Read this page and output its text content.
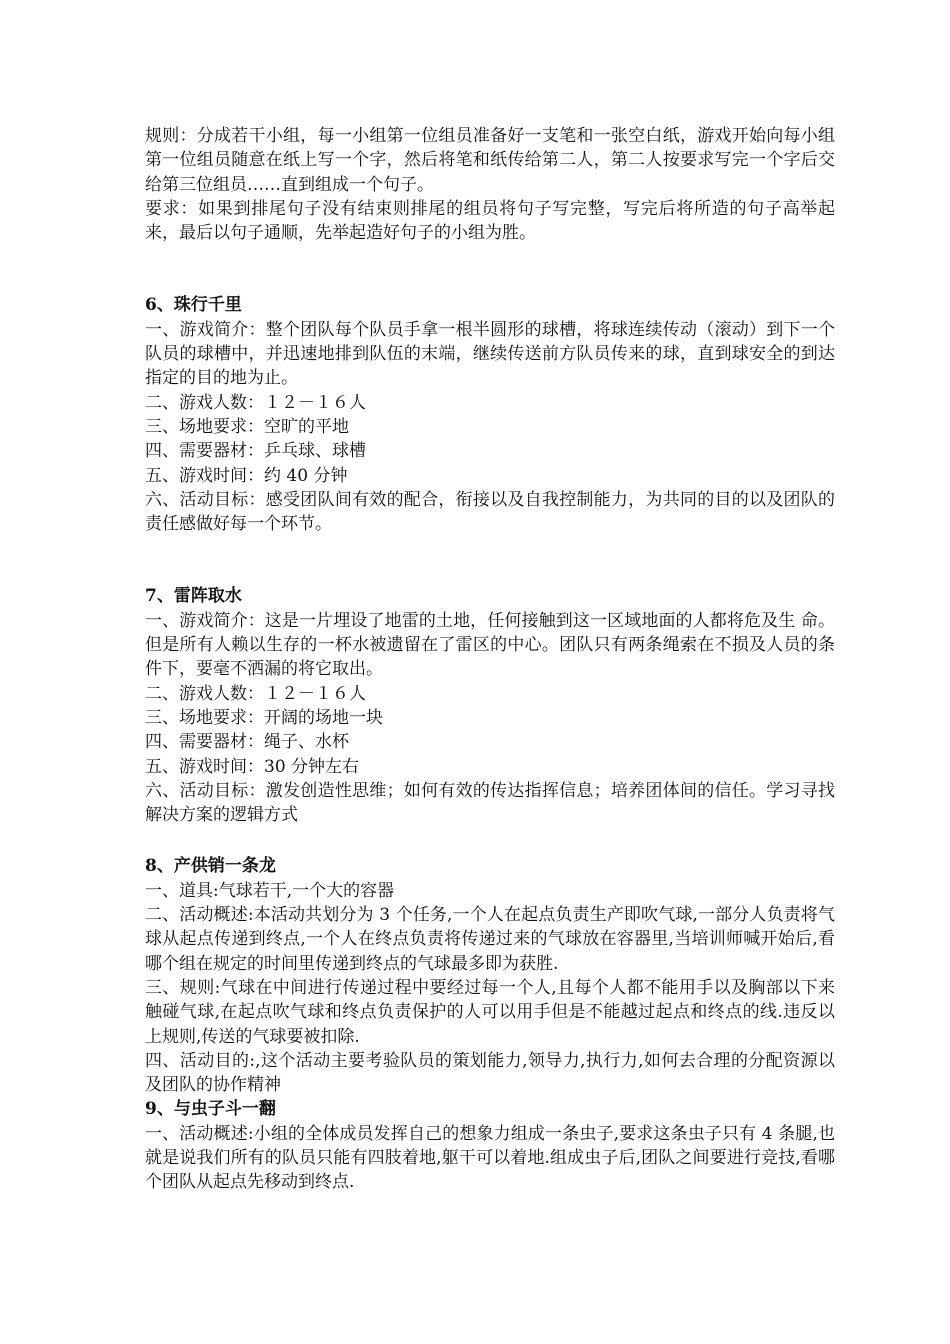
规则：分成若干小组，每一小组第一位组员准备好一支笔和一张空白纸，游戏开始向每小组第一位组员随意在纸上写一个字，然后将笔和纸传给第二人，第二人按要求写完一个字后交给第三位组员……直到组成一个句子。

要求：如果到排尾句子没有结束则排尾的组员将句子写完整，写完后将所造的句子高举起来，最后以句子通顺，先举起造好句子的小组为胜。

6、珠行千里

一、游戏简介：整个团队每个队员手拿一根半圆形的球槽，将球连续传动（滚动）到下一个队员的球槽中，并迅速地排到队伍的末端，继续传送前方队员传来的球，直到球安全的到达指定的目的地为止。

二、游戏人数：１２－１６人

三、场地要求：空旷的平地

四、需要器材：乒乓球、球槽

五、游戏时间：约 40 分钟

六、活动目标：感受团队间有效的配合，衔接以及自我控制能力，为共同的目的以及团队的责任感做好每一个环节。

7、雷阵取水

一、游戏简介：这是一片埋设了地雷的土地，任何接触到这一区域地面的人都将危及生 命。但是所有人赖以生存的一杯水被遗留在了雷区的中心。团队只有两条绳索在不损及人员的条件下，要毫不洒漏的将它取出。

二、游戏人数：１２－１６人

三、场地要求：开阔的场地一块

四、需要器材：绳子、水杯

五、游戏时间：30 分钟左右

六、活动目标：激发创造性思维；如何有效的传达指挥信息；培养团体间的信任。学习寻找解决方案的逻辑方式

8、产供销一条龙

一、道具:气球若干,一个大的容器

二、活动概述:本活动共划分为 3 个任务,一个人在起点负责生产即吹气球,一部分人负责将气球从起点传递到终点,一个人在终点负责将传递过来的气球放在容器里,当培训师喊开始后,看哪个组在规定的时间里传递到终点的气球最多即为获胜.

三、规则:气球在中间进行传递过程中要经过每一个人,且每个人都不能用手以及胸部以下来触碰气球,在起点吹气球和终点负责保护的人可以用手但是不能越过起点和终点的线.违反以上规则,传送的气球要被扣除.

四、活动目的:,这个活动主要考验队员的策划能力,领导力,执行力,如何去合理的分配资源以及团队的协作精神

9、与虫子斗一翻

一、活动概述:小组的全体成员发挥自己的想象力组成一条虫子,要求这条虫子只有 4 条腿,也就是说我们所有的队员只能有四肢着地,躯干可以着地.组成虫子后,团队之间要进行竞技,看哪个团队从起点先移动到终点.
